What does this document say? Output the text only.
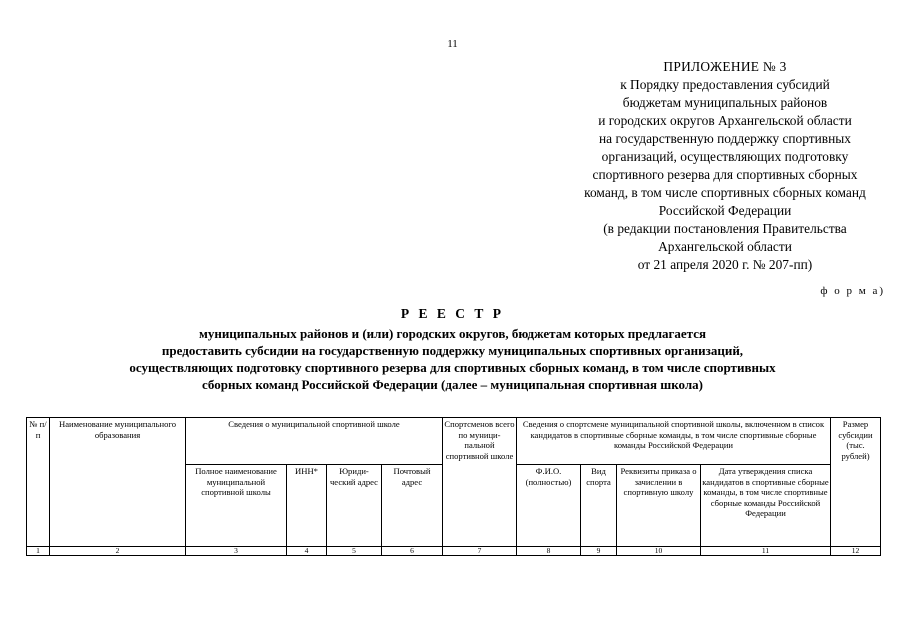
11
ПРИЛОЖЕНИЕ № 3
к Порядку предоставления субсидий
бюджетам муниципальных районов
и городских округов Архангельской области
на государственную поддержку спортивных
организаций, осуществляющих подготовку
спортивного резерва для спортивных сборных
команд, в том числе спортивных сборных команд
Российской Федерации
(в редакции постановления Правительства
Архангельской области
от 21 апреля 2020 г. № 207-пп)
ф о р м а)
Р Е Е С Т Р
муниципальных районов и (или) городских округов, бюджетам которых предлагается
предоставить субсидии на государственную поддержку муниципальных спортивных организаций,
осуществляющих подготовку спортивного резерва для спортивных сборных команд, в том числе спортивных
сборных команд Российской Федерации (далее – муниципальная спортивная школа)
№ п/п	Наименование муниципального образования	Сведения о муниципальной спортивной школе				Спортсменов всего по муници- пальной спортивной школе	Сведения о спортсмене муниципальной спортивной школы, включенном в список кандидатов в спортивные сборные команды, в том числе спортивные сборные команды Российской Федерации				Размер субсидии (тыс. рублей)
		Полное наименование муниципальной спортивной школы	ИНН*	Юриди- ческий адрес	Почтовый адрес		Ф.И.О. (полностью)	Вид спорта	Реквизиты приказа о зачислении в спортивную школу	Дата утверждения списка кандидатов в спортивные сборные команды, в том числе спортивные сборные команды Российской Федерации	
1	2	3	4	5	6	7	8	9	10	11	12
